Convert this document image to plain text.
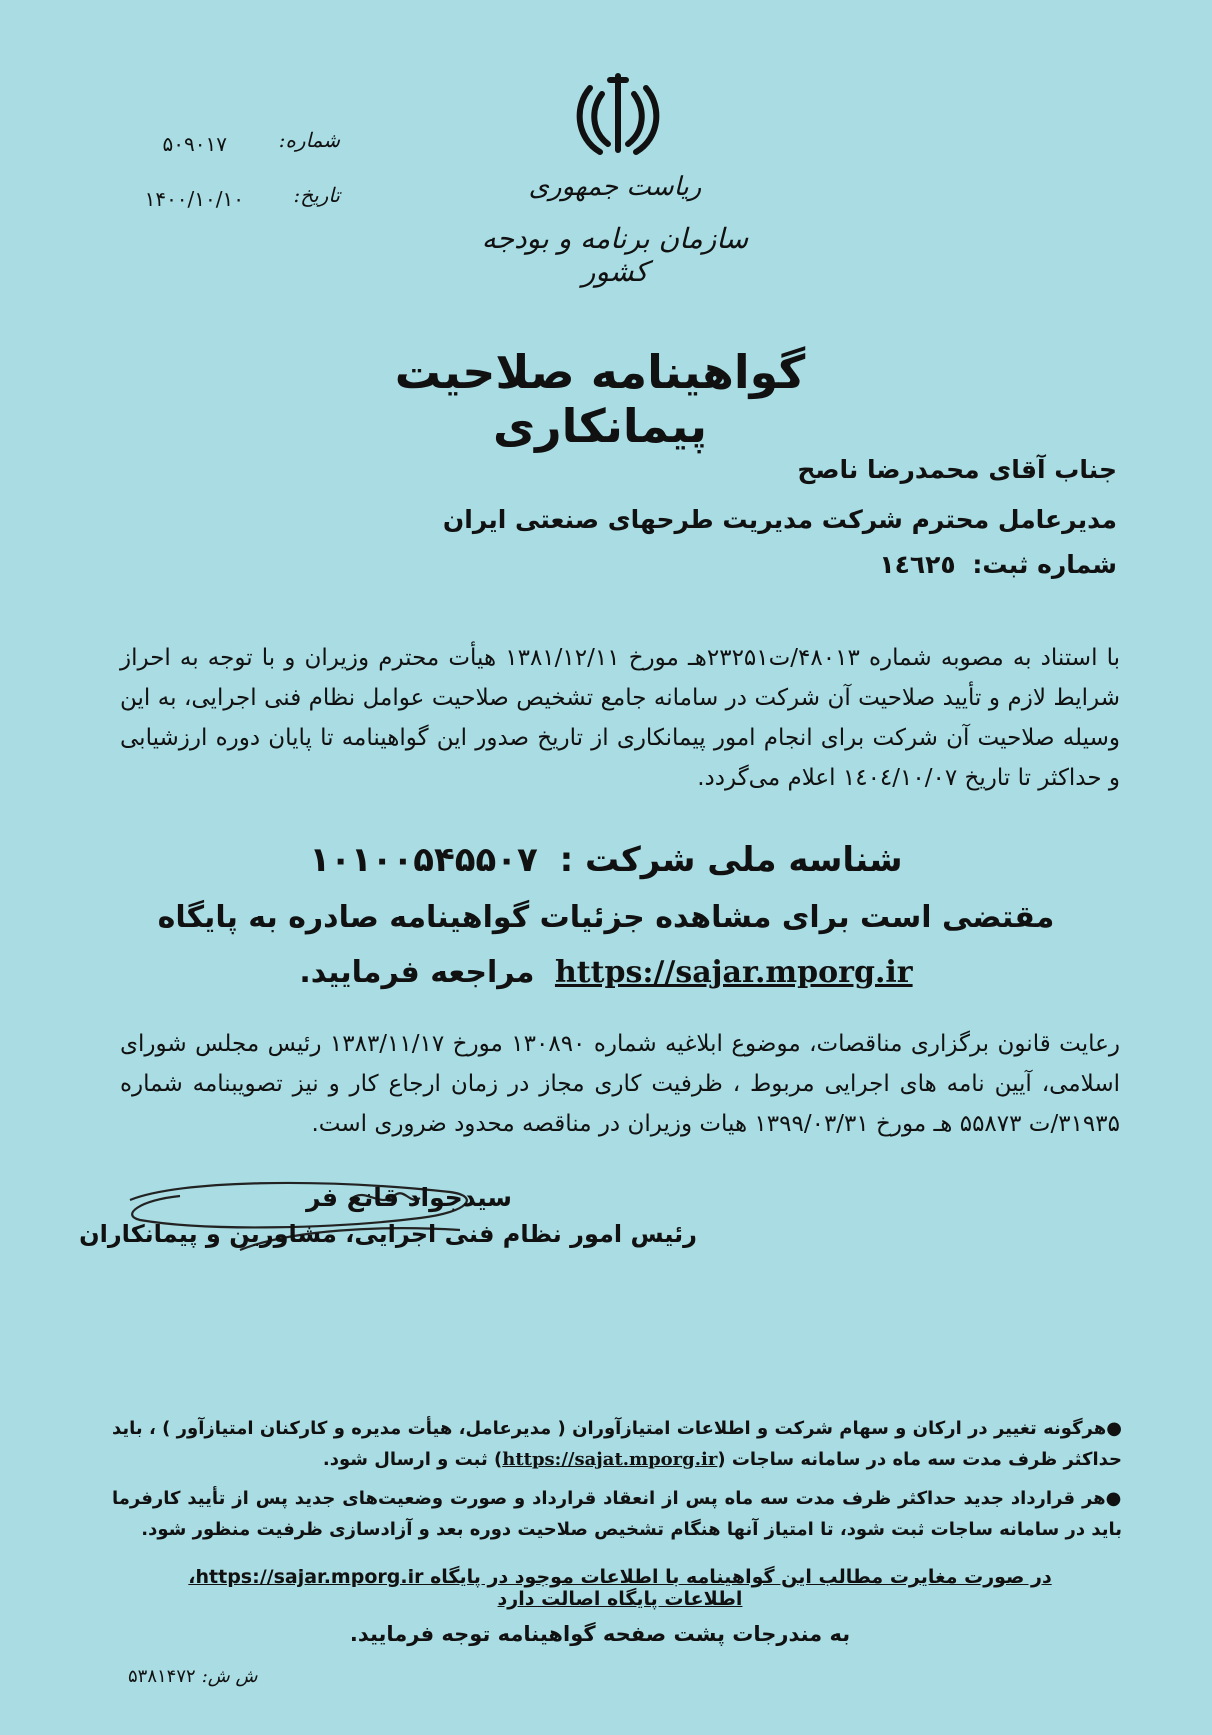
ریاست جمهوری
سازمان برنامه و بودجه کشور
شماره:
۵۰۹۰۱۷
تاریخ:
۱۴۰۰/۱۰/۱۰
گواهینامه صلاحیت پیمانکاری
جناب آقای محمدرضا ناصح
مدیرعامل محترم شرکت مدیریت طرحهای صنعتی ایران
شماره ثبت: ١٤٦٢٥
با استناد به مصوبه شماره ۴۸۰۱۳/ت۲۳۲۵۱هـ مورخ ۱۳۸۱/۱۲/۱۱ هیأت محترم وزیران و با توجه به احراز شرایط لازم و تأیید صلاحیت آن شرکت در سامانه جامع تشخیص صلاحیت عوامل نظام فنی اجرایی، به این وسیله صلاحیت آن شرکت برای انجام امور پیمانکاری از تاریخ صدور این گواهینامه تا پایان دوره ارزشیابی و حداکثر تا تاریخ ١٤٠٤/١٠/٠٧ اعلام می‌گردد.
شناسه ملی شرکت : ۱۰۱۰۰۵۴۵۵۰۷
مقتضی است برای مشاهده جزئیات گواهینامه صادره به پایگاه
https://sajar.mporg.ir مراجعه فرمایید.
رعایت قانون برگزاری مناقصات، موضوع ابلاغیه شماره ۱۳۰۸۹۰ مورخ ۱۳۸۳/۱۱/۱۷ رئیس مجلس شورای اسلامی، آیین نامه های اجرایی مربوط ، ظرفیت کاری مجاز در زمان ارجاع کار و نیز تصویبنامه شماره ۳۱۹۳۵/ت ۵۵۸۷۳ هـ مورخ ۱۳۹۹/۰۳/۳۱ هیات وزیران در مناقصه محدود ضروری است.
سیدجواد قانع فر
رئیس امور نظام فنی اجرایی، مشاورین و پیمانکاران
●هرگونه تغییر در ارکان و سهام شرکت و اطلاعات امتیازآوران ( مدیرعامل، هیأت مدیره و کارکنان امتیازآور ) ، باید حداکثر ظرف مدت سه ماه در سامانه ساجات (https://sajat.mporg.ir) ثبت و ارسال شود.
●هر قرارداد جدید حداکثر ظرف مدت سه ماه پس از انعقاد قرارداد و صورت وضعیت‌های جدید پس از تأیید کارفرما باید در سامانه ساجات ثبت شود، تا امتیاز آنها هنگام تشخیص صلاحیت دوره بعد و آزادسازی ظرفیت منظور شود.
در صورت مغایرت مطالب این گواهینامه با اطلاعات موجود در پایگاه https://sajar.mporg.ir، اطلاعات پایگاه اصالت دارد
به مندرجات پشت صفحه گواهینامه توجه فرمایید.
ش ش:۵۳۸۱۴۷۲
